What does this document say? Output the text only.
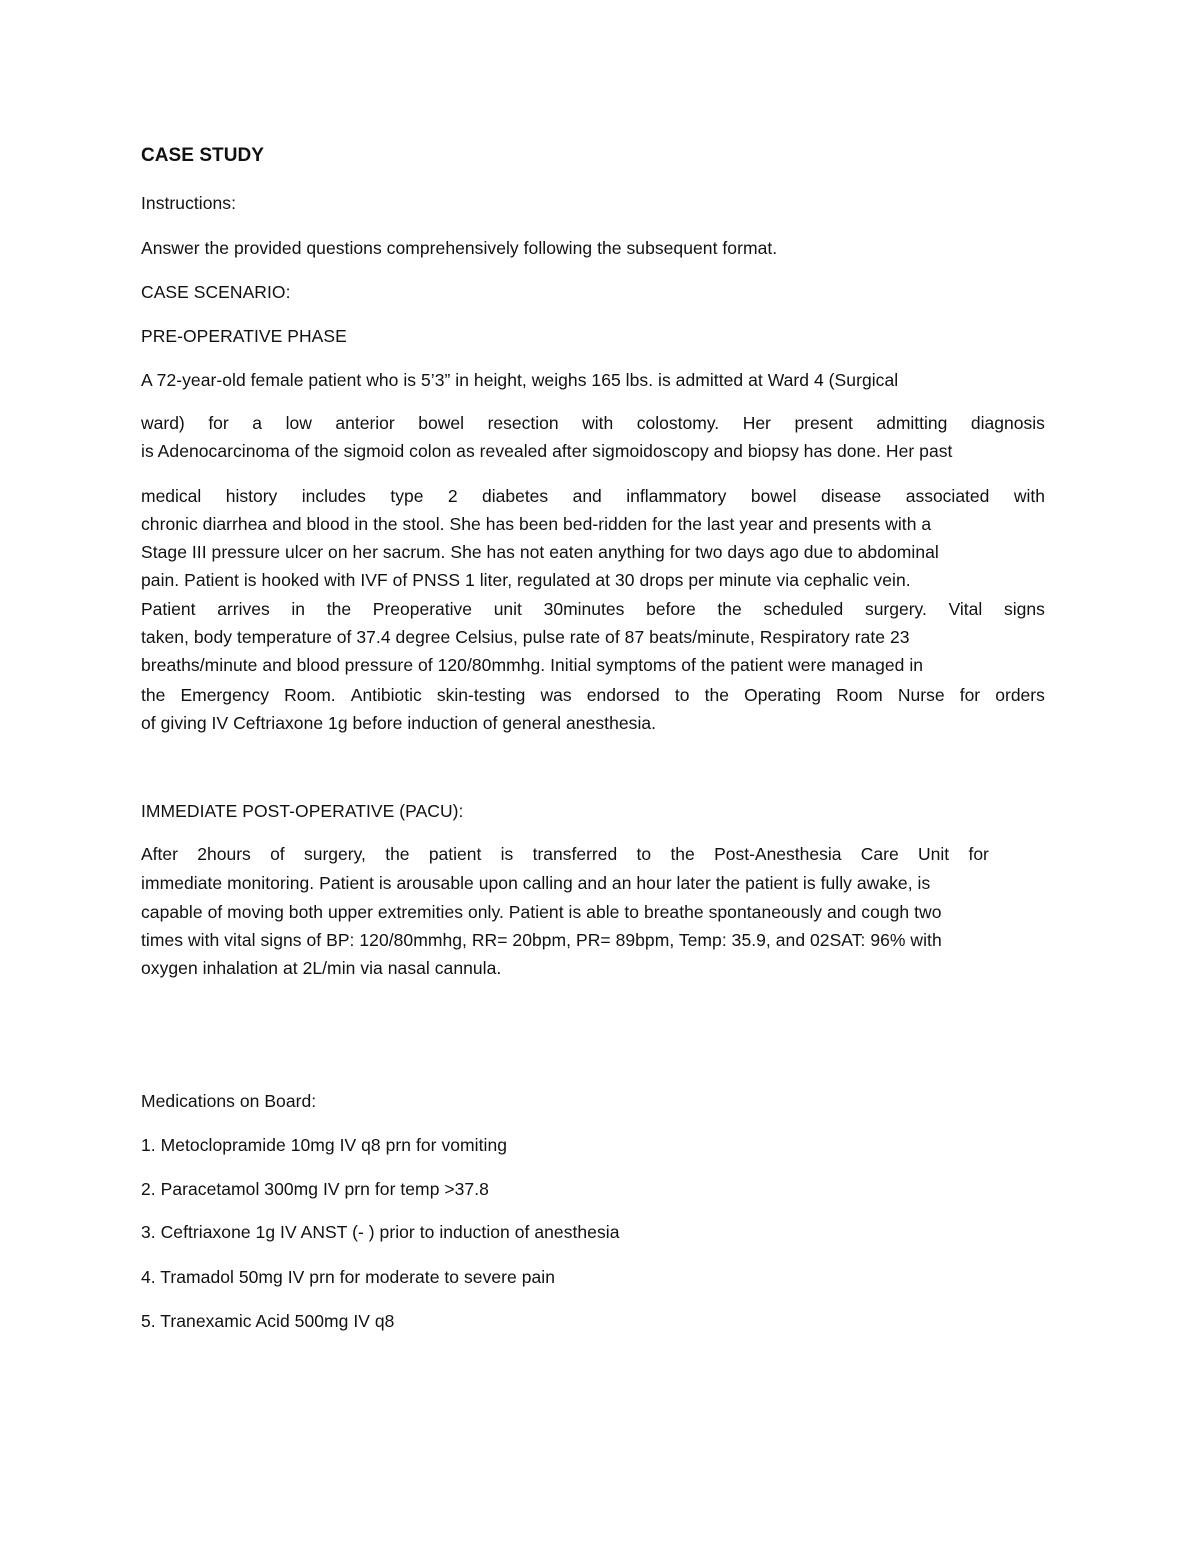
CASE STUDY
Instructions:
Answer the provided questions comprehensively following the subsequent format.
CASE SCENARIO:
PRE-OPERATIVE PHASE
A 72-year-old female patient who is 5’3” in height, weighs 165 lbs. is admitted at Ward 4 (Surgical
ward) for a low anterior bowel resection with colostomy. Her present admitting diagnosis
is Adenocarcinoma of the sigmoid colon as revealed after sigmoidoscopy and biopsy has done. Her past
medical history includes type 2 diabetes and inflammatory bowel disease associated with
chronic diarrhea and blood in the stool. She has been bed-ridden for the last year and presents with a
Stage III pressure ulcer on her sacrum. She has not eaten anything for two days ago due to abdominal
pain. Patient is hooked with IVF of PNSS 1 liter, regulated at 30 drops per minute via cephalic vein.
Patient arrives in the Preoperative unit 30minutes before the scheduled surgery. Vital signs
taken, body temperature of 37.4 degree Celsius, pulse rate of 87 beats/minute, Respiratory rate 23
breaths/minute and blood pressure of 120/80mmhg. Initial symptoms of the patient were managed in
the Emergency Room. Antibiotic skin-testing was endorsed to the Operating Room Nurse for orders
of giving IV Ceftriaxone 1g before induction of general anesthesia.
IMMEDIATE POST-OPERATIVE (PACU):
After 2hours of surgery, the patient is transferred to the Post-Anesthesia Care Unit for
immediate monitoring. Patient is arousable upon calling and an hour later the patient is fully awake, is
capable of moving both upper extremities only. Patient is able to breathe spontaneously and cough two
times with vital signs of BP: 120/80mmhg, RR= 20bpm, PR= 89bpm, Temp: 35.9, and 02SAT: 96% with
oxygen inhalation at 2L/min via nasal cannula.
Medications on Board:
1. Metoclopramide 10mg IV q8 prn for vomiting
2. Paracetamol 300mg IV prn for temp >37.8
3. Ceftriaxone 1g IV ANST (- ) prior to induction of anesthesia
4. Tramadol 50mg IV prn for moderate to severe pain
5. Tranexamic Acid 500mg IV q8
